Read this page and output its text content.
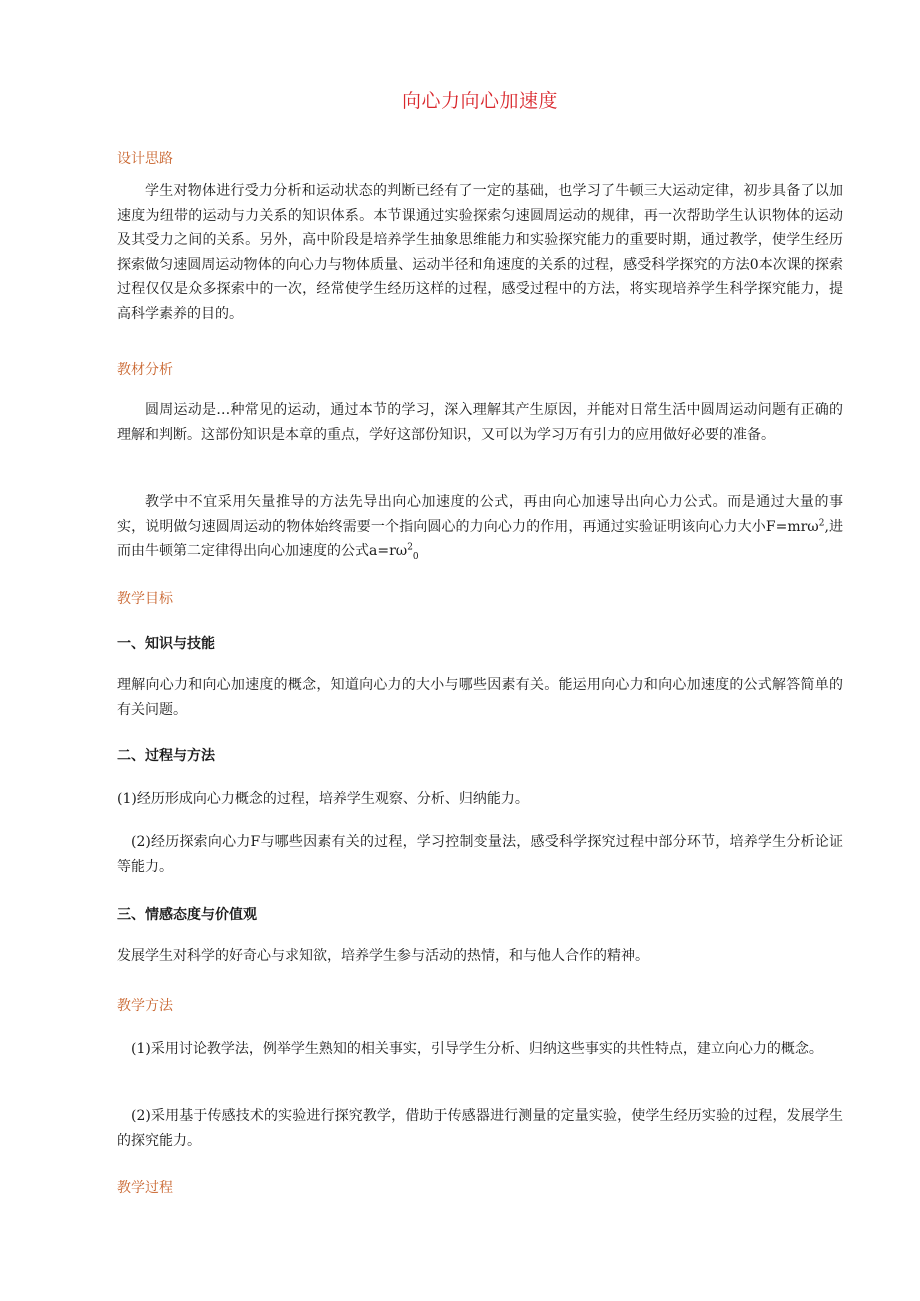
向心力向心加速度
设计思路
学生对物体进行受力分析和运动状态的判断已经有了一定的基础，也学习了牛顿三大运动定律，初步具备了以加速度为纽带的运动与力关系的知识体系。本节课通过实验探索匀速圆周运动的规律，再一次帮助学生认识物体的运动及其受力之间的关系。另外，高中阶段是培养学生抽象思维能力和实验探究能力的重要时期，通过教学，使学生经历探索做匀速圆周运动物体的向心力与物体质量、运动半径和角速度的关系的过程，感受科学探究的方法0本次课的探索过程仅仅是众多探索中的一次，经常使学生经历这样的过程，感受过程中的方法，将实现培养学生科学探究能力，提高科学素养的目的。
教材分析
圆周运动是…种常见的运动，通过本节的学习，深入理解其产生原因，并能对日常生活中圆周运动问题有正确的理解和判断。这部份知识是本章的重点，学好这部份知识，又可以为学习万有引力的应用做好必要的准备。
教学中不宜采用矢量推导的方法先导出向心加速度的公式，再由向心加速导出向心力公式。而是通过大量的事实，说明做匀速圆周运动的物体始终需要一个指向圆心的力向心力的作用，再通过实验证明该向心力大小F=mrω$^2$,进而由牛顿第二定律得出向心加速度的公式$a=r\omega^2_0$
教学目标
一、知识与技能
理解向心力和向心加速度的概念，知道向心力的大小与哪些因素有关。能运用向心力和向心加速度的公式解答简单的有关问题。
二、过程与方法
(1)经历形成向心力概念的过程，培养学生观察、分析、归纳能力。
(2)经历探索向心力F与哪些因素有关的过程，学习控制变量法，感受科学探究过程中部分环节，培养学生分析论证等能力。
三、情感态度与价值观
发展学生对科学的好奇心与求知欲，培养学生参与活动的热情，和与他人合作的精神。
教学方法
(1)采用讨论教学法，例举学生熟知的相关事实，引导学生分析、归纳这些事实的共性特点，建立向心力的概念。
(2)采用基于传感技术的实验进行探究教学，借助于传感器进行测量的定量实验，使学生经历实验的过程，发展学生的探究能力。
教学过程
